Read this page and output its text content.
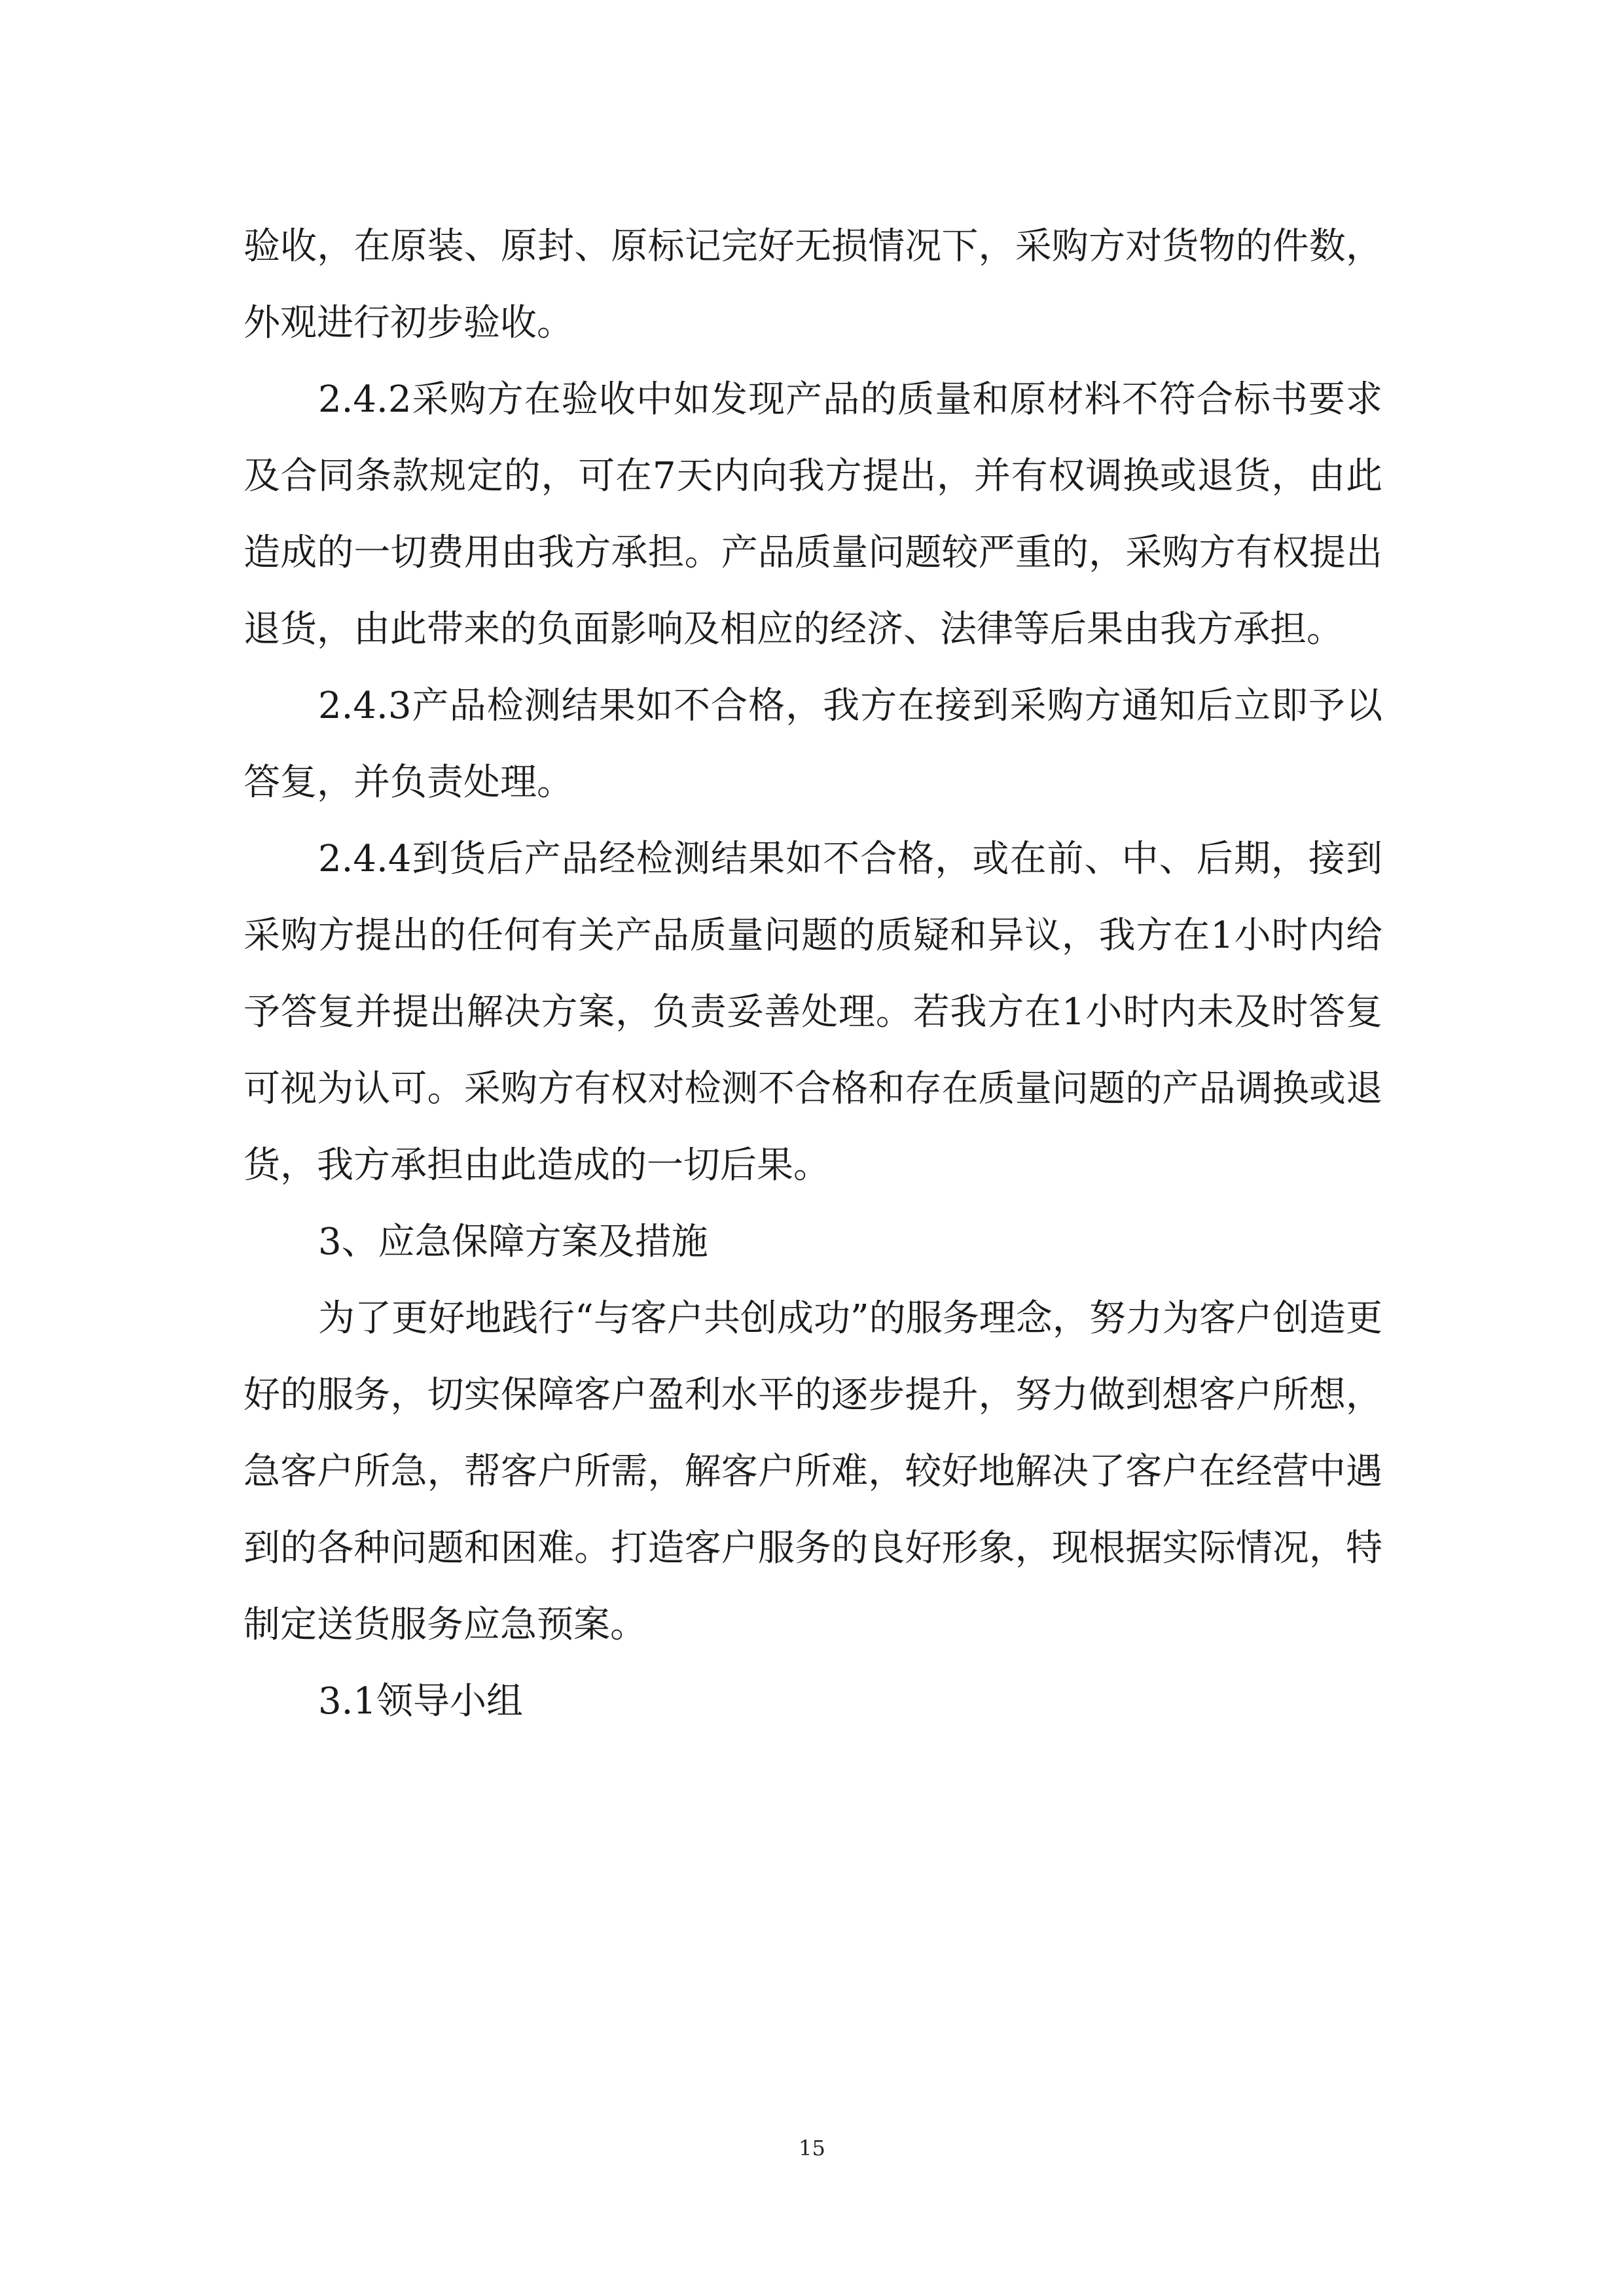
验收，在原装、原封、原标记完好无损情况下，采购方对货物的件数，外观进行初步验收。

2.4.2采购方在验收中如发现产品的质量和原材料不符合标书要求及合同条款规定的，可在7天内向我方提出，并有权调换或退货，由此造成的一切费用由我方承担。产品质量问题较严重的，采购方有权提出退货，由此带来的负面影响及相应的经济、法律等后果由我方承担。

2.4.3产品检测结果如不合格，我方在接到采购方通知后立即予以答复，并负责处理。

2.4.4到货后产品经检测结果如不合格，或在前、中、后期，接到采购方提出的任何有关产品质量问题的质疑和异议，我方在1小时内给予答复并提出解决方案，负责妥善处理。若我方在1小时内未及时答复可视为认可。采购方有权对检测不合格和存在质量问题的产品调换或退货，我方承担由此造成的一切后果。

3、应急保障方案及措施

为了更好地践行“与客户共创成功”的服务理念，努力为客户创造更好的服务，切实保障客户盈利水平的逐步提升，努力做到想客户所想，急客户所急，帮客户所需，解客户所难，较好地解决了客户在经营中遇到的各种问题和困难。打造客户服务的良好形象，现根据实际情况，特制定送货服务应急预案。

3.1领导小组

15
